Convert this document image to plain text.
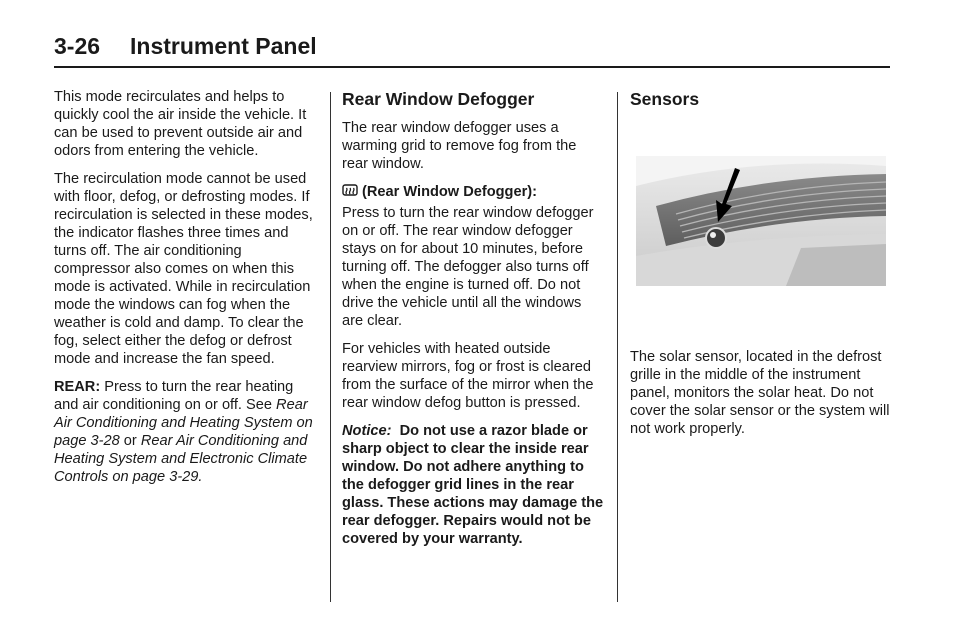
3-26 Instrument Panel

This mode recirculates and helps to quickly cool the air inside the vehicle. It can be used to prevent outside air and odors from entering the vehicle.

The recirculation mode cannot be used with floor, defog, or defrosting modes. If recirculation is selected in these modes, the indicator flashes three times and turns off. The air conditioning compressor also comes on when this mode is activated. While in recirculation mode the windows can fog when the weather is cold and damp. To clear the fog, select either the defog or defrost mode and increase the fan speed.

REAR: Press to turn the rear heating and air conditioning on or off. See Rear Air Conditioning and Heating System on page 3-28 or Rear Air Conditioning and Heating System and Electronic Climate Controls on page 3-29.

Rear Window Defogger

The rear window defogger uses a warming grid to remove fog from the rear window.

(Rear Window Defogger):
Press to turn the rear window defogger on or off. The rear window defogger stays on for about 10 minutes, before turning off. The defogger also turns off when the engine is turned off. Do not drive the vehicle until all the windows are clear.

For vehicles with heated outside rearview mirrors, fog or frost is cleared from the surface of the mirror when the rear window defog button is pressed.

Notice: Do not use a razor blade or sharp object to clear the inside rear window. Do not adhere anything to the defogger grid lines in the rear glass. These actions may damage the rear defogger. Repairs would not be covered by your warranty.

Sensors

The solar sensor, located in the defrost grille in the middle of the instrument panel, monitors the solar heat. Do not cover the solar sensor or the system will not work properly.
